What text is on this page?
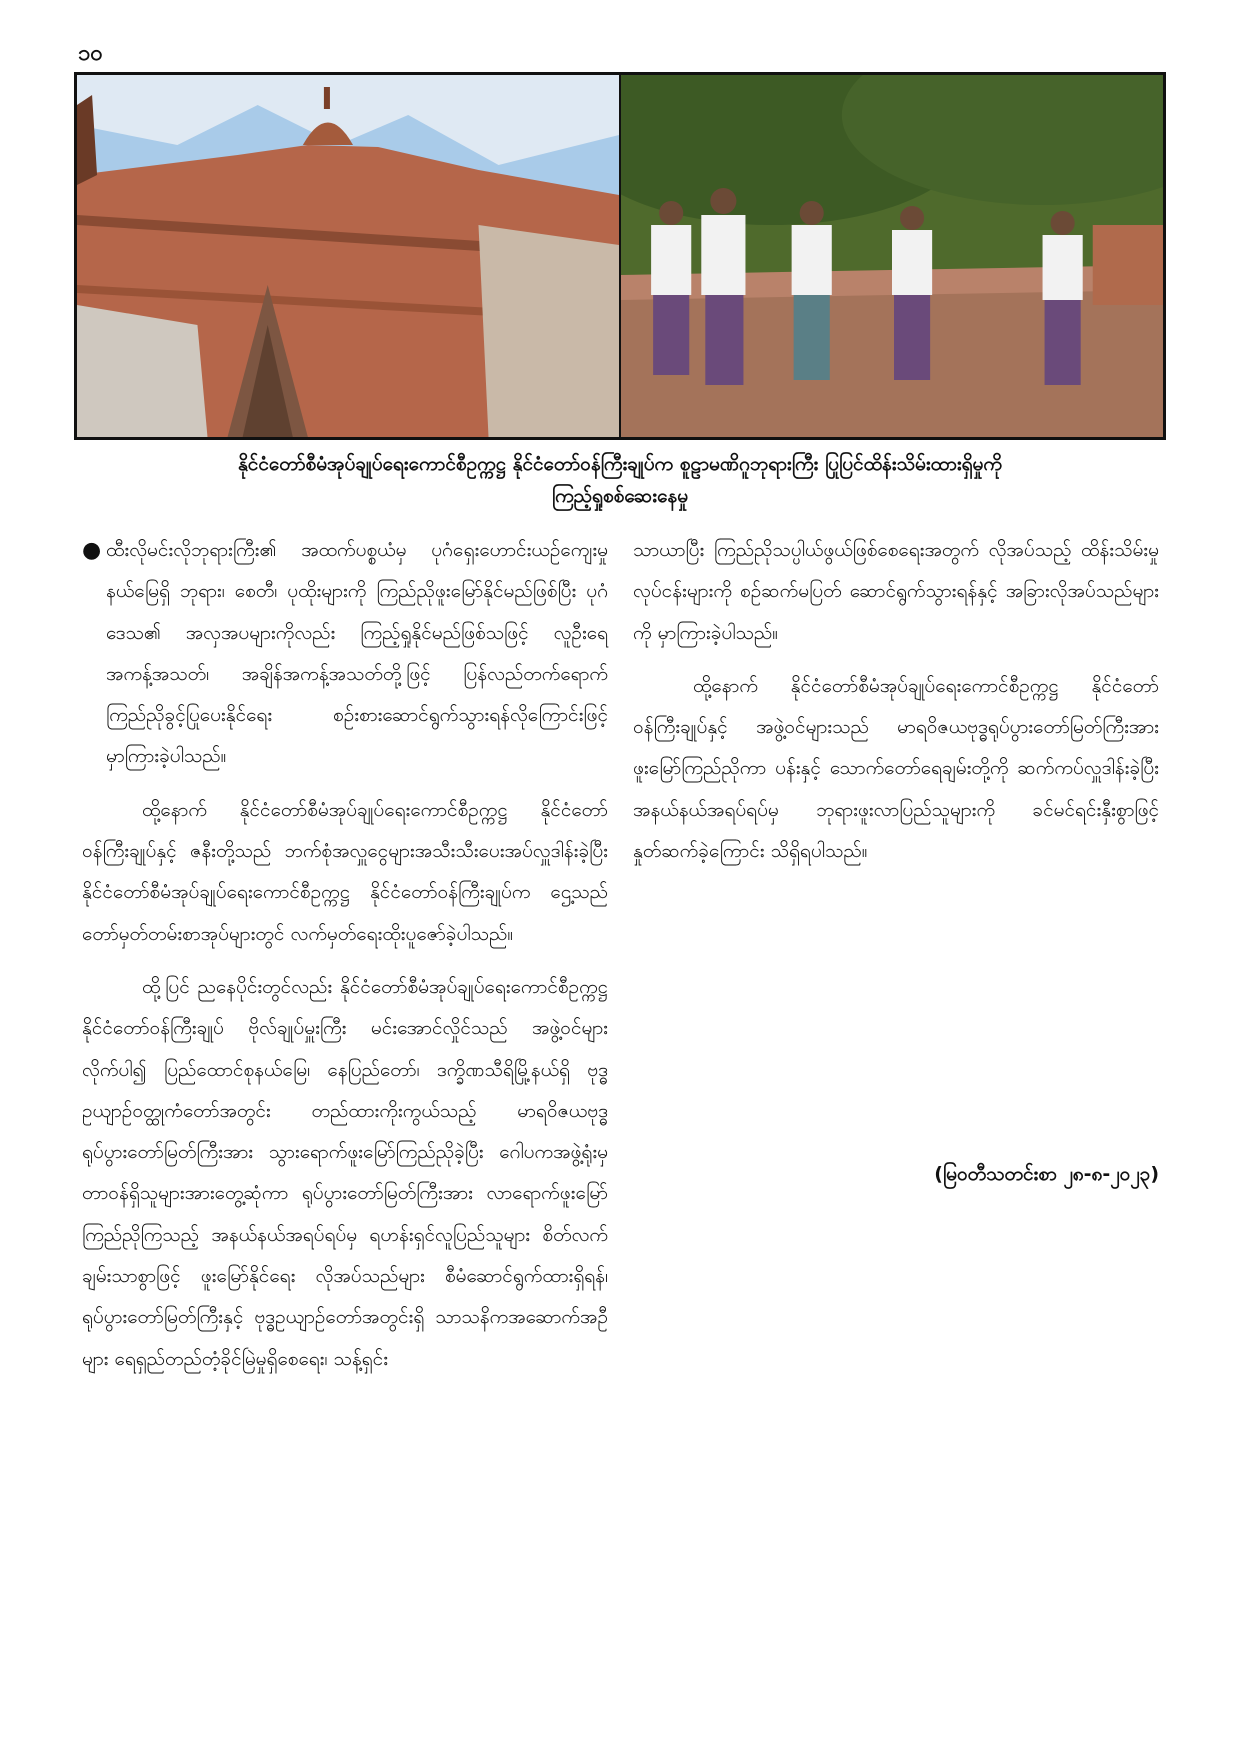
၁၀
နိုင်ငံတော်စီမံအုပ်ချုပ်ရေးကောင်စီဥက္ကဋ္ဌ နိုင်ငံတော်ဝန်ကြီးချုပ်က စူဠာမဏိဂူဘုရားကြီး ပြုပြင်ထိန်းသိမ်းထားရှိမှုကို
ကြည့်ရှုစစ်ဆေးနေမှု

● ထီးလိုမင်းလိုဘုရားကြီး၏ အထက်ပစ္စယံမှ ပုဂံရှေးဟောင်းယဉ်ကျေးမှုနယ်မြေရှိ ဘုရား၊ စေတီ၊ ပုထိုးများကို ကြည်ညိုဖူးမြော်နိုင်မည်ဖြစ်ပြီး ပုဂံဒေသ၏ အလှအပများကိုလည်း ကြည့်ရှုနိုင်မည်ဖြစ်သဖြင့် လူဦးရေအကန့်အသတ်၊ အချိန်အကန့်အသတ်တို့ဖြင့် ပြန်လည်တက်ရောက် ကြည်ညိုခွင့်ပြုပေးနိုင်ရေး စဉ်းစားဆောင်ရွက်သွားရန်လိုကြောင်းဖြင့် မှာကြားခဲ့ပါသည်။

ထို့နောက် နိုင်ငံတော်စီမံအုပ်ချုပ်ရေးကောင်စီဥက္ကဋ္ဌ နိုင်ငံတော်ဝန်ကြီးချုပ်နှင့် ဇနီးတို့သည် ဘက်စုံအလှူငွေများအသီးသီးပေးအပ်လှူဒါန်းခဲ့ပြီး နိုင်ငံတော်စီမံအုပ်ချုပ်ရေးကောင်စီဥက္ကဋ္ဌ နိုင်ငံတော်ဝန်ကြီးချုပ်က ဌေ့သည်တော်မှတ်တမ်းစာအုပ်များတွင် လက်မှတ်ရေးထိုးပူဇော်ခဲ့ပါသည်။

ထို့ပြင် ညနေပိုင်းတွင်လည်း နိုင်ငံတော်စီမံအုပ်ချုပ်ရေးကောင်စီဥက္ကဋ္ဌ နိုင်ငံတော်ဝန်ကြီးချုပ် ဗိုလ်ချုပ်မှူးကြီး မင်းအောင်လှိုင်သည် အဖွဲ့ဝင်များလိုက်ပါ၍ ပြည်ထောင်စုနယ်မြေ၊ နေပြည်တော်၊ ဒက္ခိဏသီရိမြို့နယ်ရှိ ဗုဒ္ဓဥယျာဉ်ဝတ္ထုကံတော်အတွင်း တည်ထားကိုးကွယ်သည့် မာရဝိဇယဗုဒ္ဓရုပ်ပွားတော်မြတ်ကြီးအား သွားရောက်ဖူးမြော်ကြည်ညိုခဲ့ပြီး ဂေါပကအဖွဲ့ရုံးမှ တာဝန်ရှိသူများအားတွေ့ဆုံကာ ရုပ်ပွားတော်မြတ်ကြီးအား လာရောက်ဖူးမြော်ကြည်ညိုကြသည့် အနယ်နယ်အရပ်ရပ်မှ ရဟန်းရှင်လူပြည်သူများ စိတ်လက်ချမ်းသာစွာဖြင့် ဖူးမြော်နိုင်ရေး လိုအပ်သည်များ စီမံဆောင်ရွက်ထားရှိရန်၊ ရုပ်ပွားတော်မြတ်ကြီးနှင့် ဗုဒ္ဓဥယျာဉ်တော်အတွင်းရှိ သာသနိကအဆောက်အဦများ ရေရှည်တည်တံ့ခိုင်မြဲမှုရှိစေရေး၊ သန့်ရှင်း

သာယာပြီး ကြည်ညိုသပ္ပါယ်ဖွယ်ဖြစ်စေရေးအတွက် လိုအပ်သည့် ထိန်းသိမ်းမှုလုပ်ငန်းများကို စဉ်ဆက်မပြတ် ဆောင်ရွက်သွားရန်နှင့် အခြားလိုအပ်သည်များကို မှာကြားခဲ့ပါသည်။

ထို့နောက် နိုင်ငံတော်စီမံအုပ်ချုပ်ရေးကောင်စီဥက္ကဋ္ဌ နိုင်ငံတော်ဝန်ကြီးချုပ်နှင့် အဖွဲ့ဝင်များသည် မာရဝိဇယဗုဒ္ဓရုပ်ပွားတော်မြတ်ကြီးအား ဖူးမြော်ကြည်ညိုကာ ပန်းနှင့် သောက်တော်ရေချမ်းတို့ကို ဆက်ကပ်လှူဒါန်းခဲ့ပြီး အနယ်နယ်အရပ်ရပ်မှ ဘုရားဖူးလာပြည်သူများကို ခင်မင်ရင်းနှီးစွာဖြင့် နှုတ်ဆက်ခဲ့ကြောင်း သိရှိရပါသည်။

(မြဝတီသတင်းစာ ၂၈-၈-၂၀၂၃)
